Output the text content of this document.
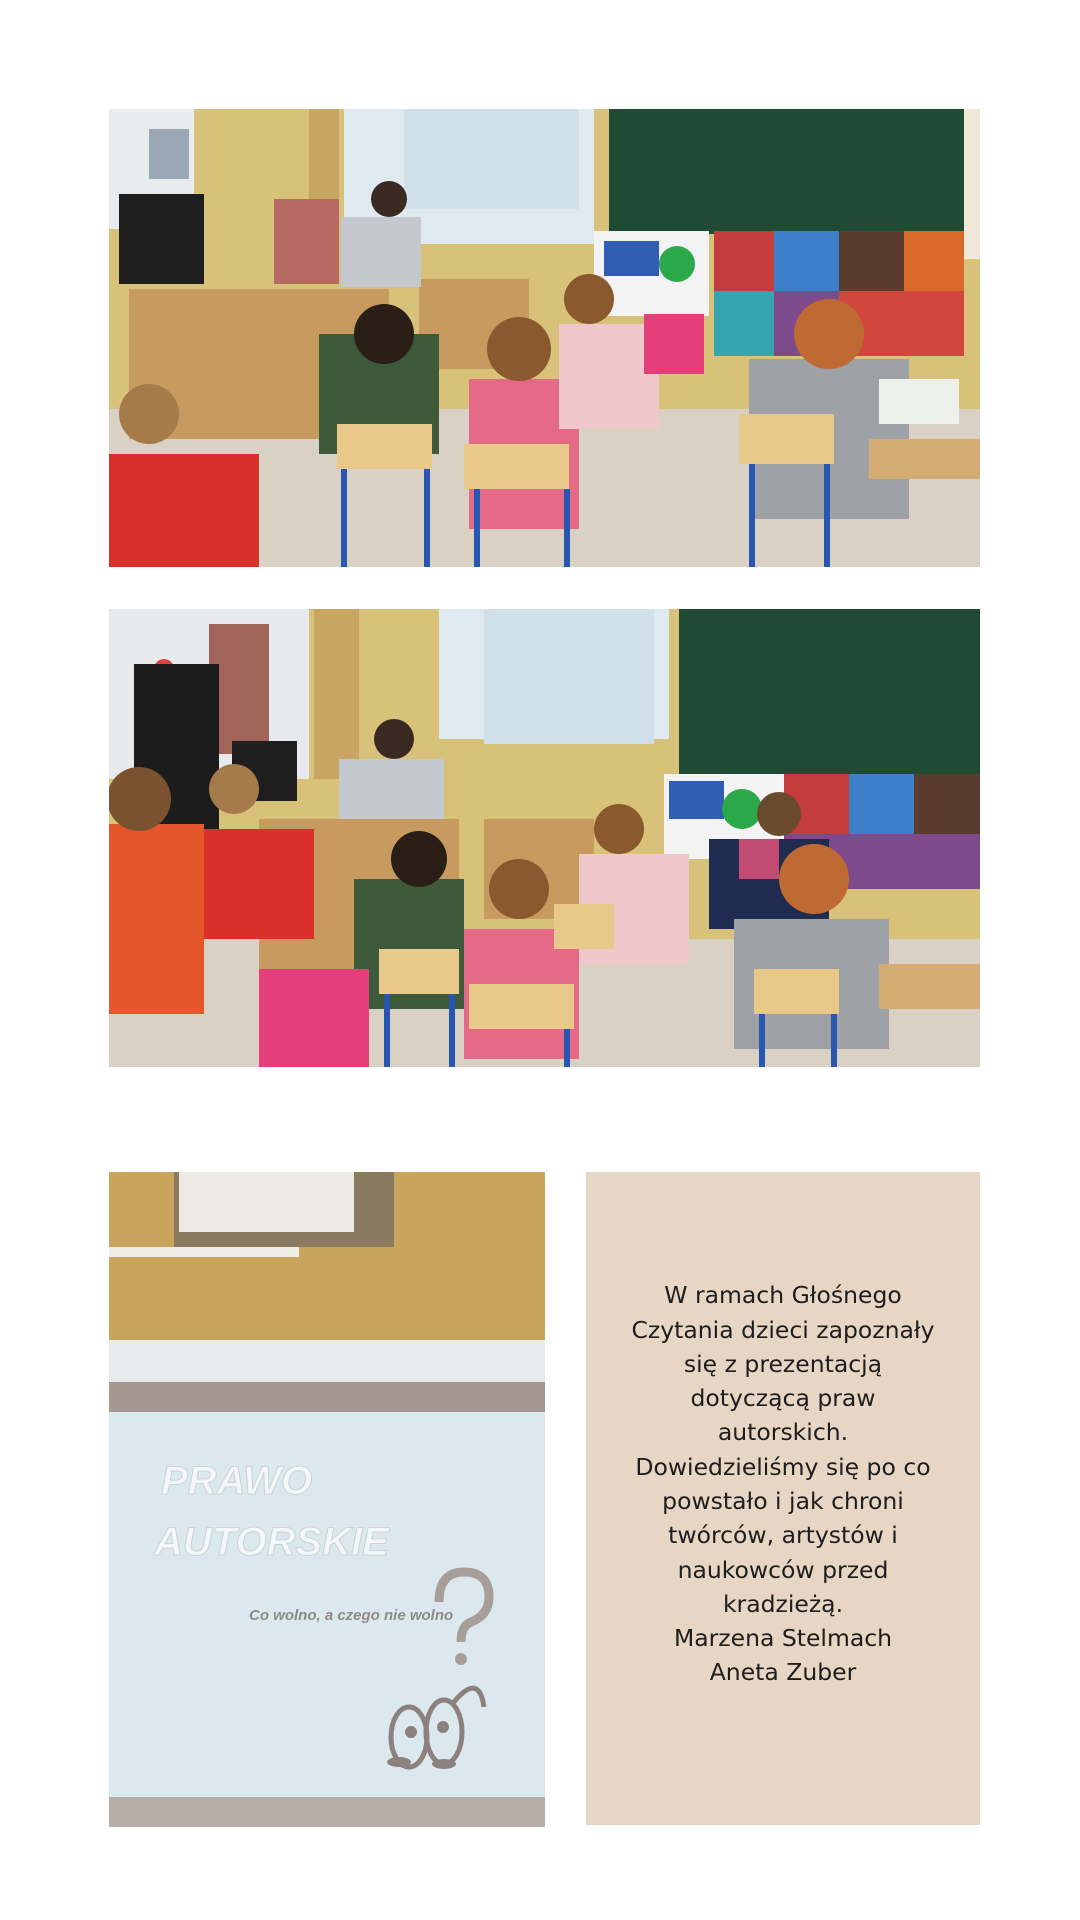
PRAWO
AUTORSKIE
Co wolno, a czego nie wolno
W ramach Głośnego
Czytania dzieci zapoznały
się z prezentacją
dotyczącą praw
autorskich.
Dowiedzieliśmy się po co
powstało i jak chroni
twórców, artystów i
naukowców przed
kradzieżą.
Marzena Stelmach
Aneta Zuber
